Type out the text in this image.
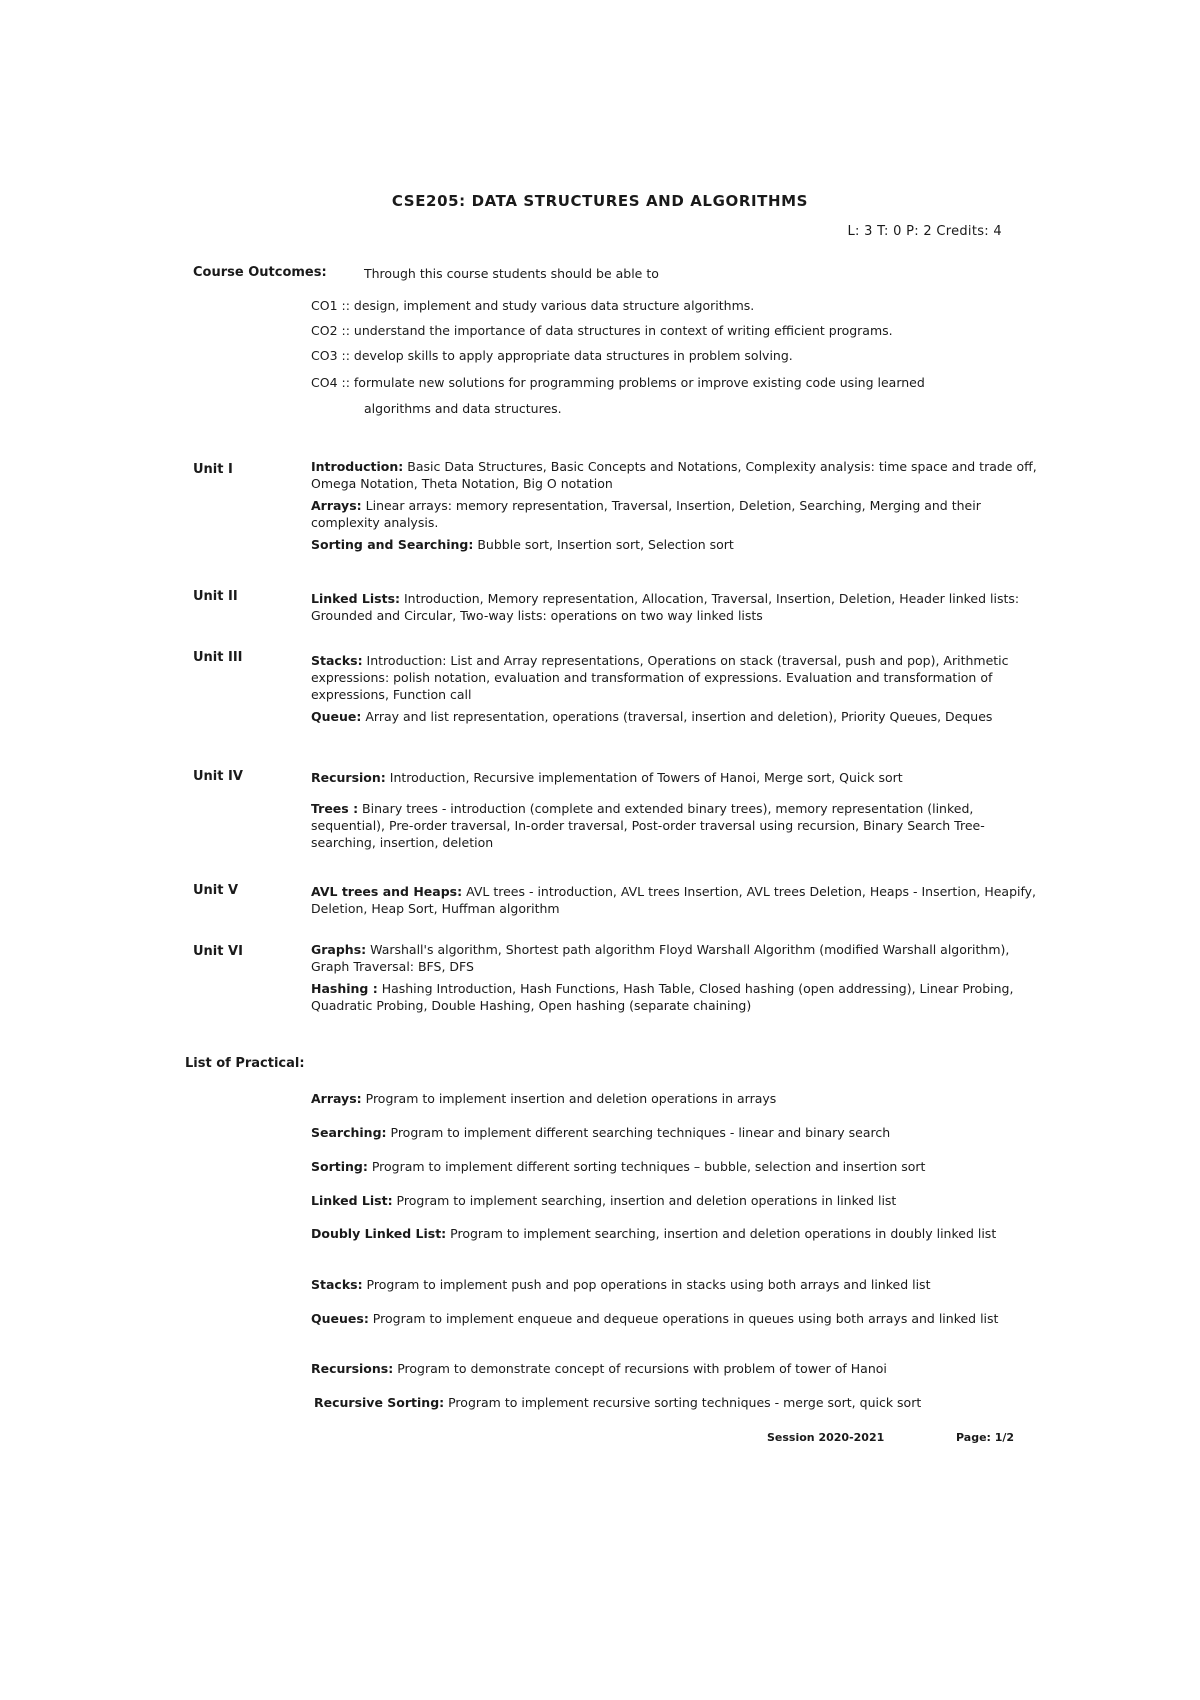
CSE205: DATA STRUCTURES AND ALGORITHMS
L: 3 T: 0 P: 2 Credits: 4
Course Outcomes:	Through this course students should be able to
CO1 :: design, implement and study various data structure algorithms.
CO2 :: understand the importance of data structures in context of writing efficient programs.
CO3 :: develop skills to apply appropriate data structures in problem solving.
CO4 :: formulate new solutions for programming problems or improve existing code using learned
algorithms and data structures.
Unit I	Introduction: Basic Data Structures, Basic Concepts and Notations, Complexity analysis: time space and trade off, Omega Notation, Theta Notation, Big O notation

Arrays: Linear arrays: memory representation, Traversal, Insertion, Deletion, Searching, Merging and their complexity analysis.

Sorting and Searching: Bubble sort, Insertion sort, Selection sort

Unit II	Linked Lists: Introduction, Memory representation, Allocation, Traversal, Insertion, Deletion, Header linked lists: Grounded and Circular, Two-way lists: operations on two way linked lists

Unit III	Stacks: Introduction: List and Array representations, Operations on stack (traversal, push and pop), Arithmetic expressions: polish notation, evaluation and transformation of expressions. Evaluation and transformation of expressions, Function call

Queue: Array and list representation, operations (traversal, insertion and deletion), Priority Queues, Deques

Unit IV	Recursion: Introduction, Recursive implementation of Towers of Hanoi, Merge sort, Quick sort

Trees : Binary trees - introduction (complete and extended binary trees), memory representation (linked, sequential), Pre-order traversal, In-order traversal, Post-order traversal using recursion, Binary Search Tree- searching, insertion, deletion

Unit V	AVL trees and Heaps: AVL trees - introduction, AVL trees Insertion, AVL trees Deletion, Heaps - Insertion, Heapify, Deletion, Heap Sort, Huffman algorithm

Unit VI	Graphs: Warshall's algorithm, Shortest path algorithm Floyd Warshall Algorithm (modified Warshall algorithm), Graph Traversal: BFS, DFS

Hashing : Hashing Introduction, Hash Functions, Hash Table, Closed hashing (open addressing), Linear Probing, Quadratic Probing, Double Hashing, Open hashing (separate chaining)

List of Practical:
Arrays: Program to implement insertion and deletion operations in arrays
Searching: Program to implement different searching techniques - linear and binary search
Sorting: Program to implement different sorting techniques – bubble, selection and insertion sort
Linked List: Program to implement searching, insertion and deletion operations in linked list
Doubly Linked List: Program to implement searching, insertion and deletion operations in doubly linked list
Stacks: Program to implement push and pop operations in stacks using both arrays and linked list
Queues: Program to implement enqueue and dequeue operations in queues using both arrays and linked list
Recursions: Program to demonstrate concept of recursions with problem of tower of Hanoi
Recursive Sorting: Program to implement recursive sorting techniques - merge sort, quick sort
Session 2020-2021	Page: 1/2
